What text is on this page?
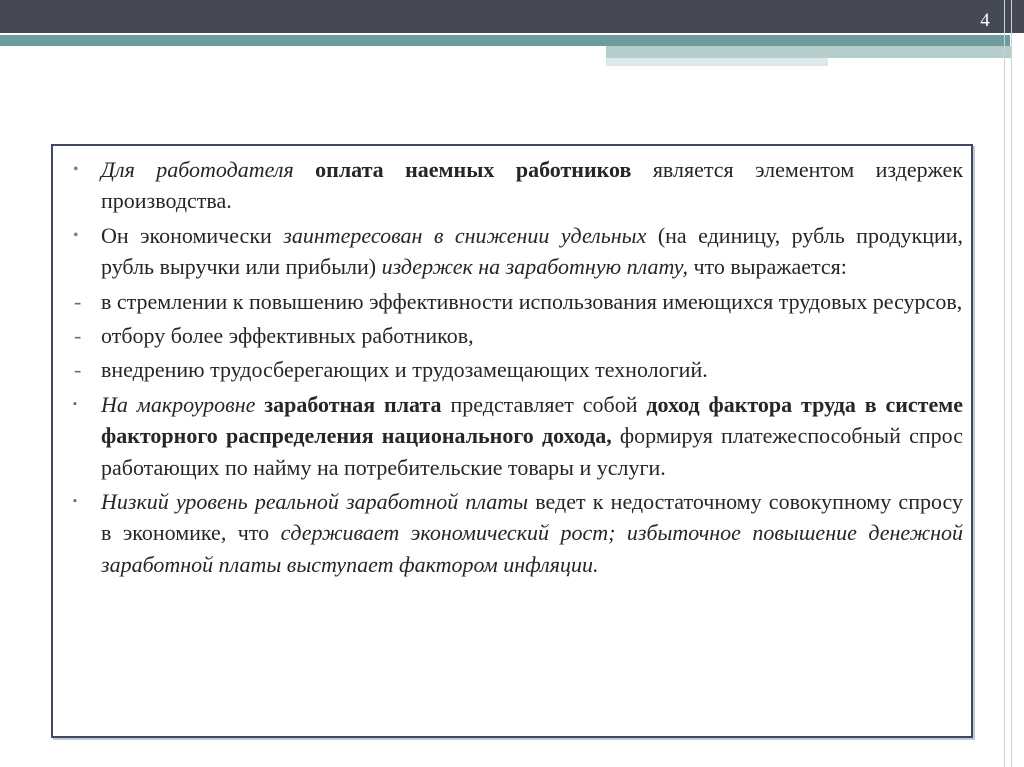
4
•	Для работодателя оплата наемных работников является элементом издержек производства.
•	Он экономически заинтересован в снижении удельных (на единицу, рубль продукции, рубль выручки или прибыли) издержек на заработную плату, что выражается:
- в стремлении к повышению эффективности использования имеющихся трудовых ресурсов,
- отбору более эффективных работников,
- внедрению трудосберегающих и трудозамещающих технологий.
▪	На макроуровне заработная плата представляет собой доход фактора труда в системе факторного распределения национального дохода, формируя платежеспособный спрос работающих по найму на потребительские товары и услуги.
▪	Низкий уровень реальной заработной платы ведет к недостаточному совокупному спросу в экономике, что сдерживает экономический рост; избыточное повышение денежной заработной платы выступает фактором инфляции.
